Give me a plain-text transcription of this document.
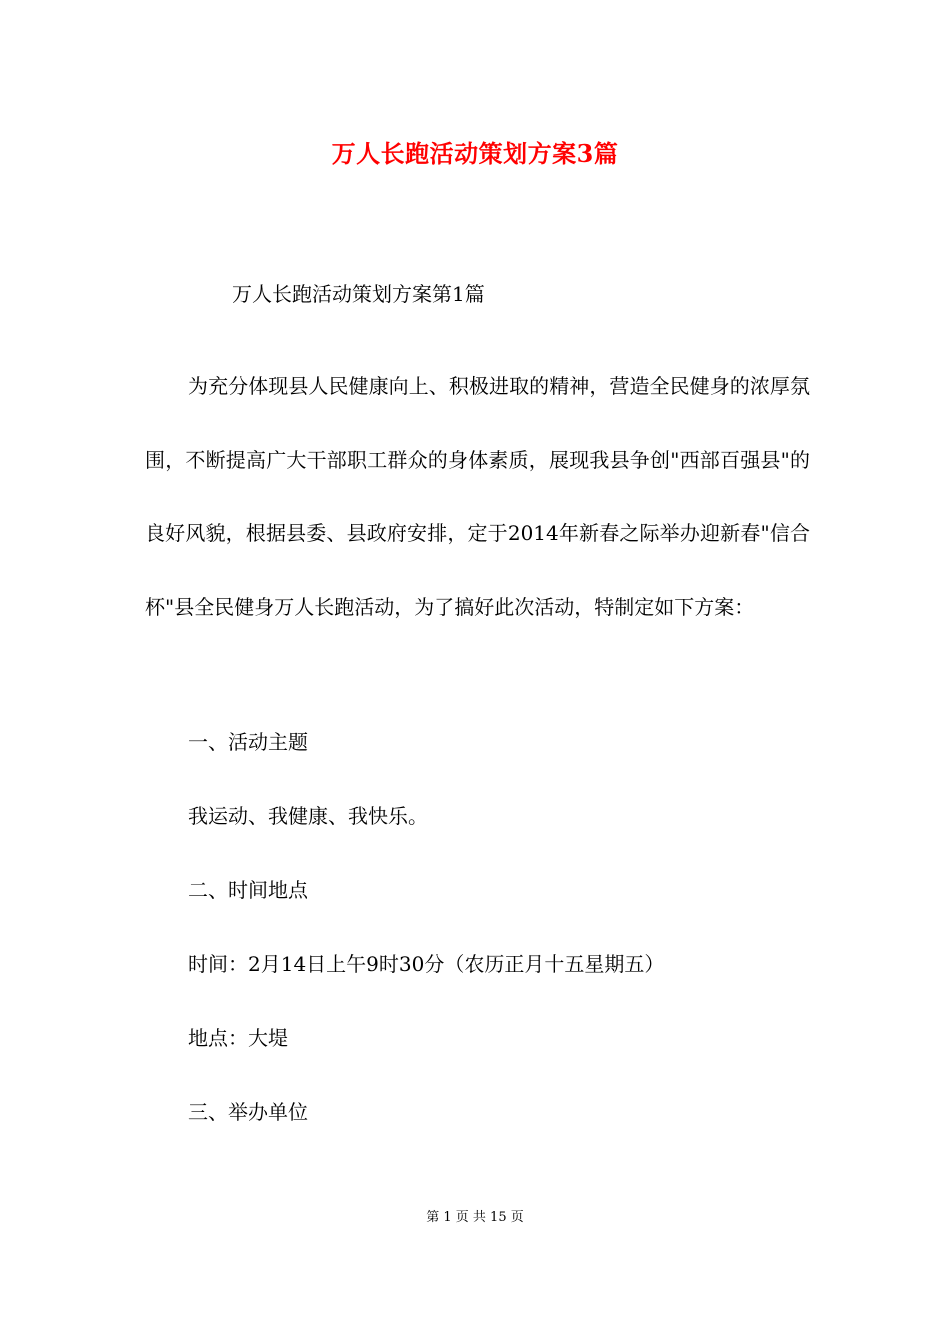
万人长跑活动策划方案3篇
万人长跑活动策划方案第1篇

为充分体现县人民健康向上、积极进取的精神，营造全民健身的浓厚氛围，不断提高广大干部职工群众的身体素质，展现我县争创"西部百强县"的良好风貌，根据县委、县政府安排，定于2014年新春之际举办迎新春"信合杯"县全民健身万人长跑活动，为了搞好此次活动，特制定如下方案：

一、活动主题

我运动、我健康、我快乐。

二、时间地点

时间：2月14日上午9时30分（农历正月十五星期五）

地点：大堤

三、举办单位

第 1 页 共 15 页
